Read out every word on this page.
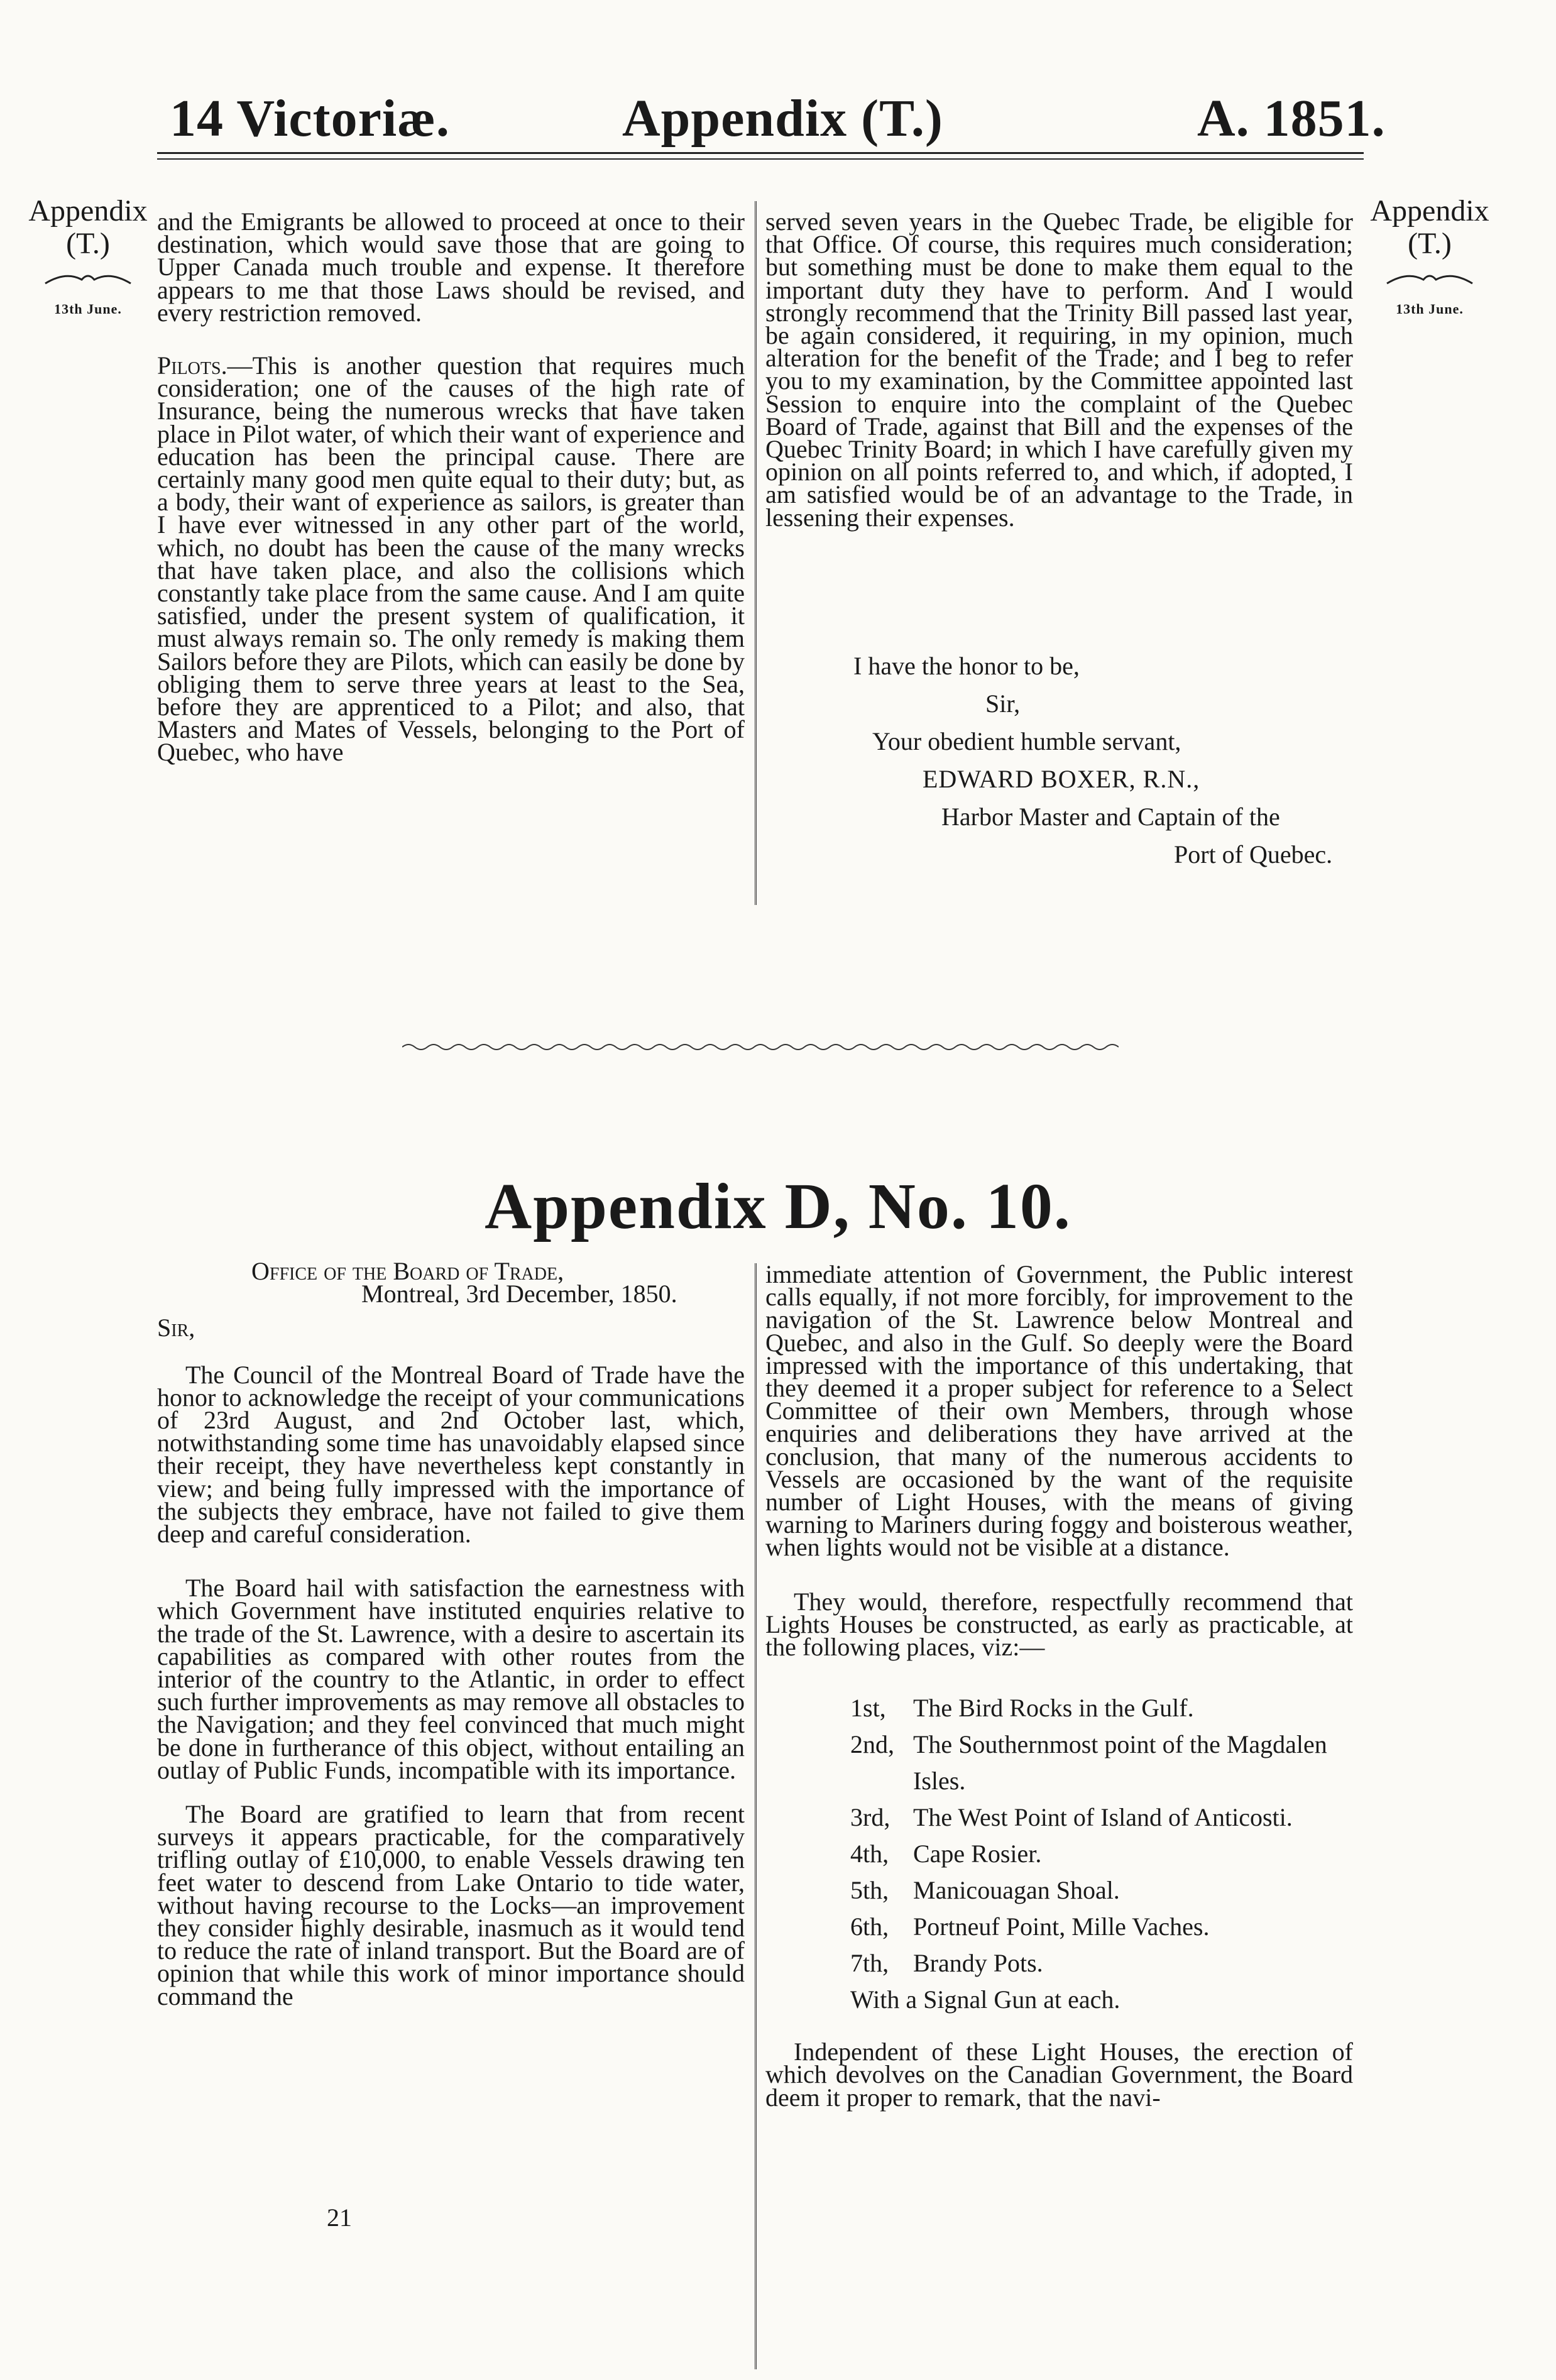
14 Victoriæ.	Appendix (T.)	A. 1851.
Appendix
(T.)
13th June.
Appendix
(T.)
13th June.

and the Emigrants be allowed to proceed at once to their destination, which would save those that are going to Upper Canada much trouble and expense. It therefore appears to me that those Laws should be revised, and every restriction removed.

Pilots.—This is another question that requires much consideration; one of the causes of the high rate of Insurance, being the numerous wrecks that have taken place in Pilot water, of which their want of experience and education has been the principal cause. There are certainly many good men quite equal to their duty; but, as a body, their want of experience as sailors, is greater than I have ever witnessed in any other part of the world, which, no doubt has been the cause of the many wrecks that have taken place, and also the collisions which constantly take place from the same cause. And I am quite satisfied, under the present system of qualification, it must always remain so. The only remedy is making them Sailors before they are Pilots, which can easily be done by obliging them to serve three years at least to the Sea, before they are apprenticed to a Pilot; and also, that Masters and Mates of Vessels, belonging to the Port of Quebec, who have

served seven years in the Quebec Trade, be eligible for that Office. Of course, this requires much consideration; but something must be done to make them equal to the important duty they have to perform. And I would strongly recommend that the Trinity Bill passed last year, be again considered, it requiring, in my opinion, much alteration for the benefit of the Trade; and I beg to refer you to my examination, by the Committee appointed last Session to enquire into the complaint of the Quebec Board of Trade, against that Bill and the expenses of the Quebec Trinity Board; in which I have carefully given my opinion on all points referred to, and which, if adopted, I am satisfied would be of an advantage to the Trade, in lessening their expenses.

I have the honor to be,
Sir,
Your obedient humble servant,
EDWARD BOXER, R.N.,
Harbor Master and Captain of the
Port of Quebec.
Appendix D, No. 10.
Office of the Board of Trade,
Montreal, 3rd December, 1850.
Sir,

The Council of the Montreal Board of Trade have the honor to acknowledge the receipt of your communications of 23rd August, and 2nd October last, which, notwithstanding some time has unavoidably elapsed since their receipt, they have nevertheless kept constantly in view; and being fully impressed with the importance of the subjects they embrace, have not failed to give them deep and careful consideration.

The Board hail with satisfaction the earnestness with which Government have instituted enquiries relative to the trade of the St. Lawrence, with a desire to ascertain its capabilities as compared with other routes from the interior of the country to the Atlantic, in order to effect such further improvements as may remove all obstacles to the Navigation; and they feel convinced that much might be done in furtherance of this object, without entailing an outlay of Public Funds, incompatible with its importance.

The Board are gratified to learn that from recent surveys it appears practicable, for the comparatively trifling outlay of £10,000, to enable Vessels drawing ten feet water to descend from Lake Ontario to tide water, without having recourse to the Locks—an improvement they consider highly desirable, inasmuch as it would tend to reduce the rate of inland transport. But the Board are of opinion that while this work of minor importance should command the

21

immediate attention of Government, the Public interest calls equally, if not more forcibly, for improvement to the navigation of the St. Lawrence below Montreal and Quebec, and also in the Gulf. So deeply were the Board impressed with the importance of this undertaking, that they deemed it a proper subject for reference to a Select Committee of their own Members, through whose enquiries and deliberations they have arrived at the conclusion, that many of the numerous accidents to Vessels are occasioned by the want of the requisite number of Light Houses, with the means of giving warning to Mariners during foggy and boisterous weather, when lights would not be visible at a distance.

They would, therefore, respectfully recommend that Lights Houses be constructed, as early as practicable, at the following places, viz:—

1st,	The Bird Rocks in the Gulf.
2nd, The Southernmost point of the Magdalen Isles.
3rd, The West Point of Island of Anticosti.
4th, Cape Rosier.
5th, Manicouagan Shoal.
6th, Portneuf Point, Mille Vaches.
7th, Brandy Pots.
With a Signal Gun at each.

Independent of these Light Houses, the erection of which devolves on the Canadian Government, the Board deem it proper to remark, that the navi-
